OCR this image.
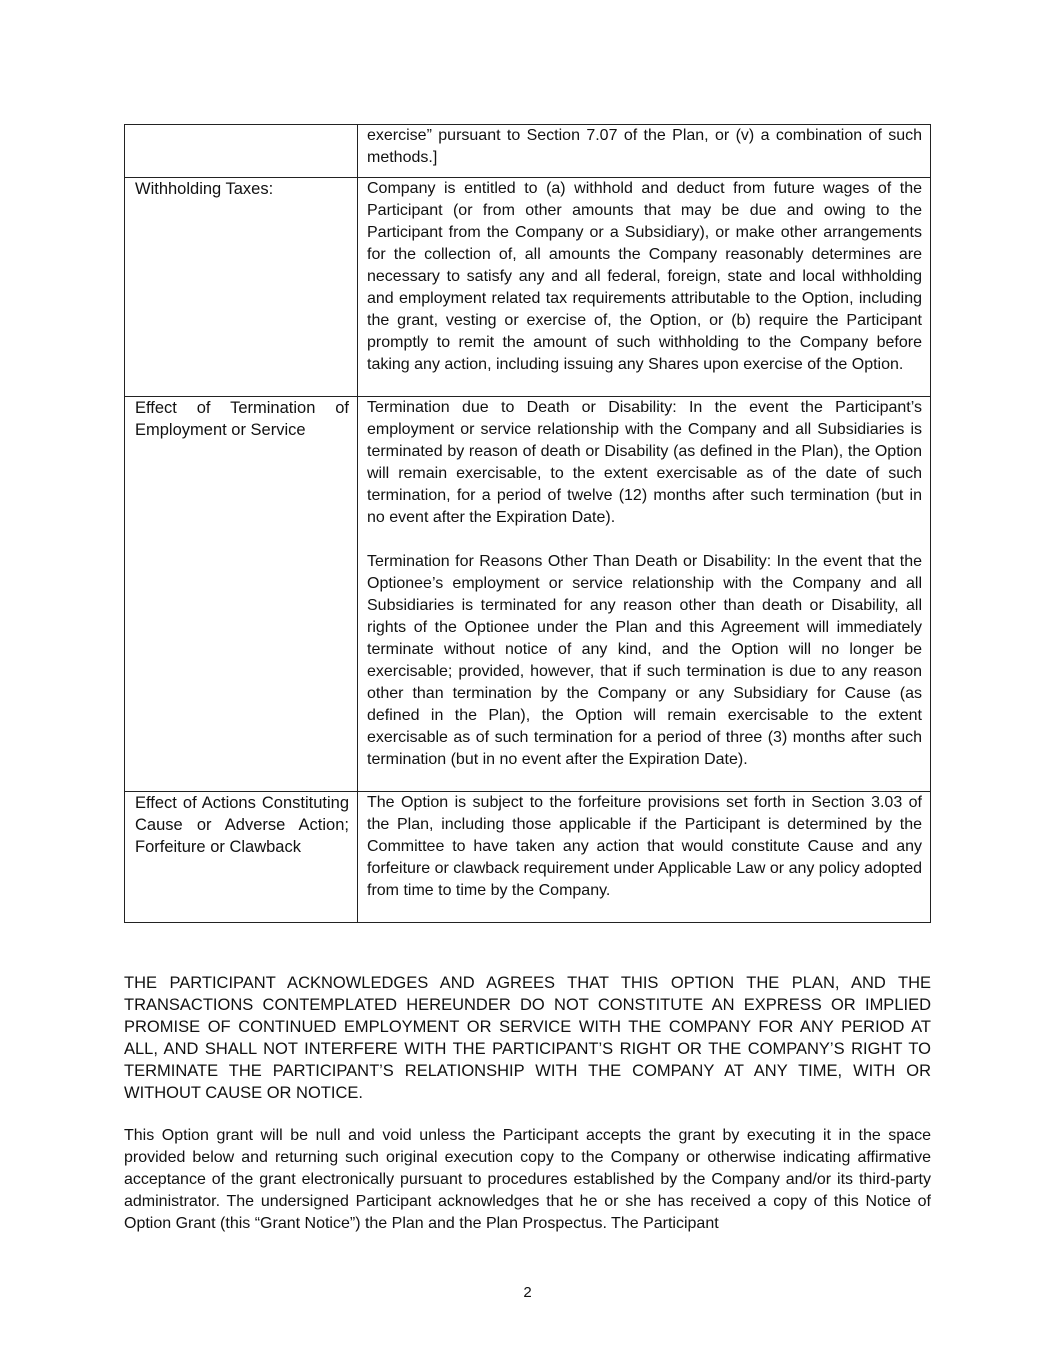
	exercise” pursuant to Section 7.07 of the Plan, or (v) a combination of such methods.]

Withholding Taxes:	Company is entitled to (a) withhold and deduct from future wages of the Participant (or from other amounts that may be due and owing to the Participant from the Company or a Subsidiary), or make other arrangements for the collection of, all amounts the Company reasonably determines are necessary to satisfy any and all federal, foreign, state and local withholding and employment related tax requirements attributable to the Option, including the grant, vesting or exercise of, the Option, or (b) require the Participant promptly to remit the amount of such withholding to the Company before taking any action, including issuing any Shares upon exercise of the Option.

Effect of Termination of Employment or Service	Termination due to Death or Disability: In the event the Participant’s employment or service relationship with the Company and all Subsidiaries is terminated by reason of death or Disability (as defined in the Plan), the Option will remain exercisable, to the extent exercisable as of the date of such termination, for a period of twelve (12) months after such termination (but in no event after the Expiration Date).

Termination for Reasons Other Than Death or Disability: In the event that the Optionee’s employment or service relationship with the Company and all Subsidiaries is terminated for any reason other than death or Disability, all rights of the Optionee under the Plan and this Agreement will immediately terminate without notice of any kind, and the Option will no longer be exercisable; provided, however, that if such termination is due to any reason other than termination by the Company or any Subsidiary for Cause (as defined in the Plan), the Option will remain exercisable to the extent exercisable as of such termination for a period of three (3) months after such termination (but in no event after the Expiration Date).

Effect of Actions Constituting Cause or Adverse Action; Forfeiture or Clawback	The Option is subject to the forfeiture provisions set forth in Section 3.03 of the Plan, including those applicable if the Participant is determined by the Committee to have taken any action that would constitute Cause and any forfeiture or clawback requirement under Applicable Law or any policy adopted from time to time by the Company.

THE PARTICIPANT ACKNOWLEDGES AND AGREES THAT THIS OPTION THE PLAN, AND THE TRANSACTIONS CONTEMPLATED HEREUNDER DO NOT CONSTITUTE AN EXPRESS OR IMPLIED PROMISE OF CONTINUED EMPLOYMENT OR SERVICE WITH THE COMPANY FOR ANY PERIOD AT ALL, AND SHALL NOT INTERFERE WITH THE PARTICIPANT’S RIGHT OR THE COMPANY’S RIGHT TO TERMINATE THE PARTICIPANT’S RELATIONSHIP WITH THE COMPANY AT ANY TIME, WITH OR WITHOUT CAUSE OR NOTICE.

This Option grant will be null and void unless the Participant accepts the grant by executing it in the space provided below and returning such original execution copy to the Company or otherwise indicating affirmative acceptance of the grant electronically pursuant to procedures established by the Company and/or its third-party administrator. The undersigned Participant acknowledges that he or she has received a copy of this Notice of Option Grant (this “Grant Notice”) the Plan and the Plan Prospectus. The Participant

2
